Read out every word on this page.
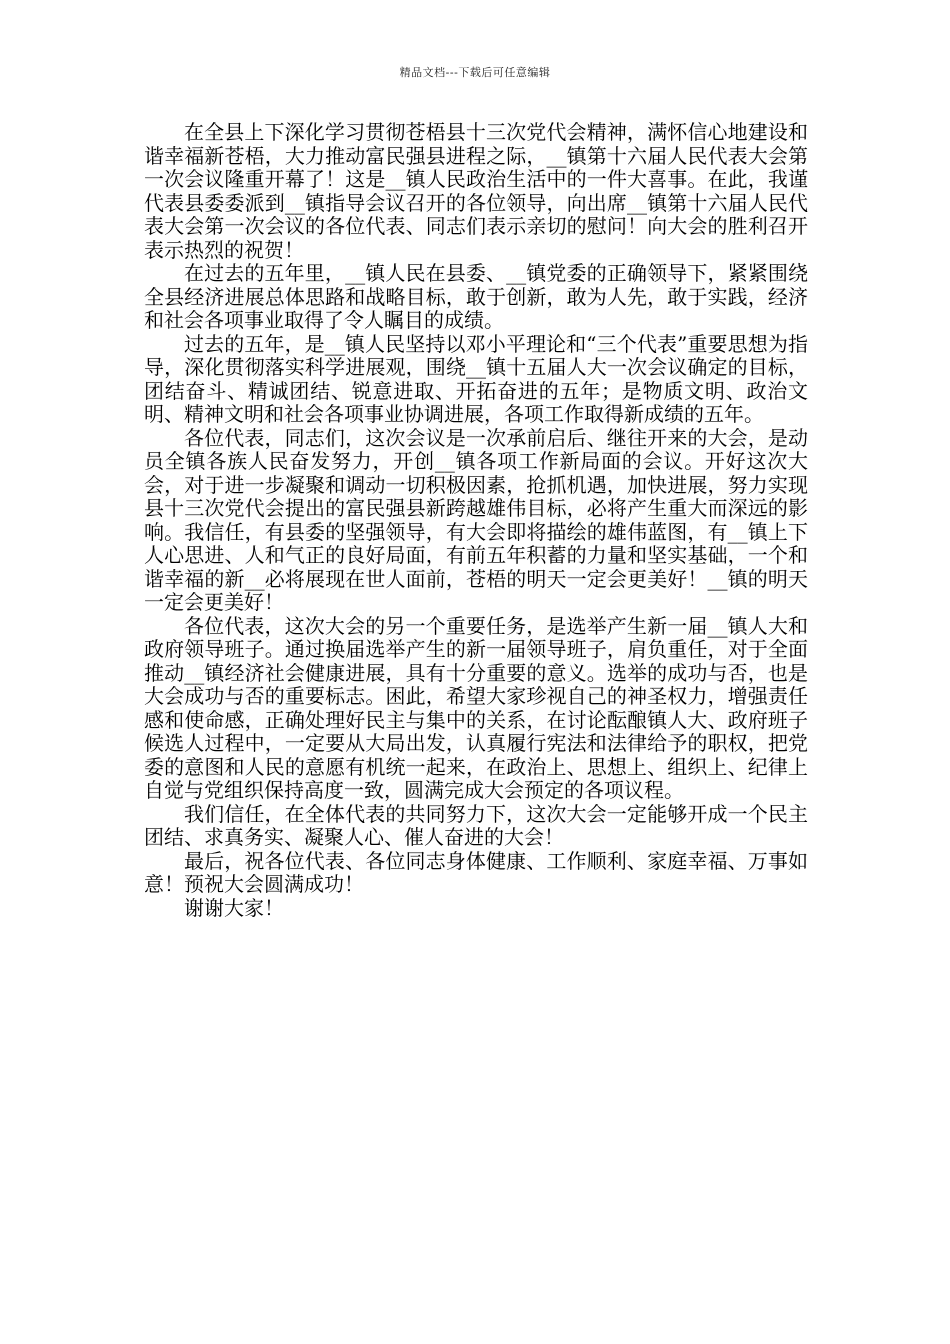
精品文档---下载后可任意编辑

在全县上下深化学习贯彻苍梧县十三次党代会精神，满怀信心地建设和谐幸福新苍梧，大力推动富民强县进程之际，__镇第十六届人民代表大会第一次会议隆重开幕了！这是__镇人民政治生活中的一件大喜事。在此，我谨代表县委委派到__镇指导会议召开的各位领导，向出席__镇第十六届人民代表大会第一次会议的各位代表、同志们表示亲切的慰问！向大会的胜利召开表示热烈的祝贺！

在过去的五年里，__镇人民在县委、__镇党委的正确领导下，紧紧围绕全县经济进展总体思路和战略目标，敢于创新，敢为人先，敢于实践，经济和社会各项事业取得了令人瞩目的成绩。

过去的五年，是__镇人民坚持以邓小平理论和“三个代表”重要思想为指导，深化贯彻落实科学进展观，围绕__镇十五届人大一次会议确定的目标，团结奋斗、精诚团结、锐意进取、开拓奋进的五年；是物质文明、政治文明、精神文明和社会各项事业协调进展，各项工作取得新成绩的五年。

各位代表，同志们，这次会议是一次承前启后、继往开来的大会，是动员全镇各族人民奋发努力，开创__镇各项工作新局面的会议。开好这次大会，对于进一步凝聚和调动一切积极因素，抢抓机遇，加快进展，努力实现县十三次党代会提出的富民强县新跨越雄伟目标，必将产生重大而深远的影响。我信任，有县委的坚强领导，有大会即将描绘的雄伟蓝图，有__镇上下人心思进、人和气正的良好局面，有前五年积蓄的力量和坚实基础，一个和谐幸福的新__必将展现在世人面前，苍梧的明天一定会更美好！__镇的明天一定会更美好！

各位代表，这次大会的另一个重要任务，是选举产生新一届__镇人大和政府领导班子。通过换届选举产生的新一届领导班子，肩负重任，对于全面推动__镇经济社会健康进展，具有十分重要的意义。选举的成功与否，也是大会成功与否的重要标志。困此，希望大家珍视自己的神圣权力，增强责任感和使命感，正确处理好民主与集中的关系，在讨论酝酿镇人大、政府班子候选人过程中，一定要从大局出发，认真履行宪法和法律给予的职权，把党委的意图和人民的意愿有机统一起来，在政治上、思想上、组织上、纪律上自觉与党组织保持高度一致，圆满完成大会预定的各项议程。

我们信任，在全体代表的共同努力下，这次大会一定能够开成一个民主团结、求真务实、凝聚人心、催人奋进的大会！

最后，祝各位代表、各位同志身体健康、工作顺利、家庭幸福、万事如意！预祝大会圆满成功！

谢谢大家！
